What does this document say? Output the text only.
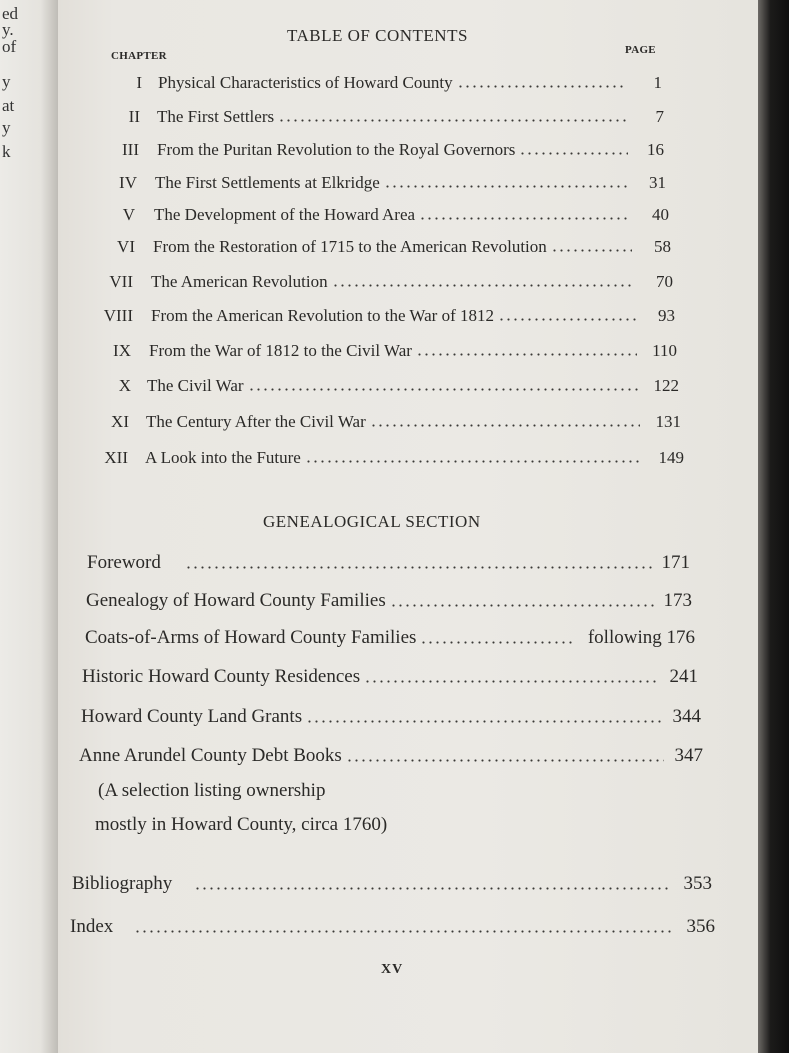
ed
y.
of
y
at
y
k
TABLE OF CONTENTS
CHAPTER	PAGE
I Physical Characteristics of Howard County	1
II The First Settlers	7
III From the Puritan Revolution to the Royal Governors	16
IV The First Settlements at Elkridge	31
V The Development of the Howard Area	40
VI From the Restoration of 1715 to the American Revolution	58
VII The American Revolution	70
VIII From the American Revolution to the War of 1812	93
IX From the War of 1812 to the Civil War	110
X The Civil War	122
XI The Century After the Civil War	131
XII A Look into the Future	149
GENEALOGICAL SECTION
Foreword	171
Genealogy of Howard County Families	173
Coats-of-Arms of Howard County Families	following 176
Historic Howard County Residences	241
Howard County Land Grants	344
Anne Arundel County Debt Books	347
(A selection listing ownership
mostly in Howard County, circa 1760)
Bibliography	353
Index	356
XV
